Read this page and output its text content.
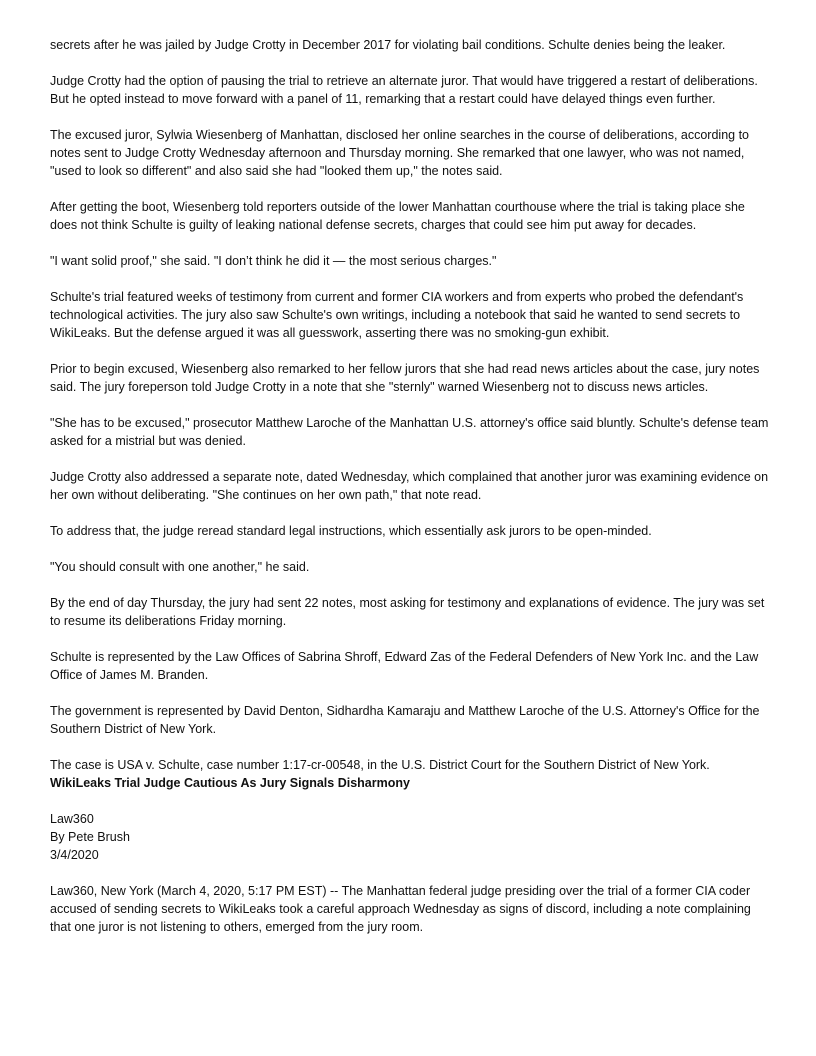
secrets after he was jailed by Judge Crotty in December 2017 for violating bail conditions. Schulte denies being the leaker.

Judge Crotty had the option of pausing the trial to retrieve an alternate juror. That would have triggered a restart of deliberations. But he opted instead to move forward with a panel of 11, remarking that a restart could have delayed things even further.

The excused juror, Sylwia Wiesenberg of Manhattan, disclosed her online searches in the course of deliberations, according to notes sent to Judge Crotty Wednesday afternoon and Thursday morning. She remarked that one lawyer, who was not named, "used to look so different" and also said she had "looked them up," the notes said.

After getting the boot, Wiesenberg told reporters outside of the lower Manhattan courthouse where the trial is taking place she does not think Schulte is guilty of leaking national defense secrets, charges that could see him put away for decades.

"I want solid proof," she said. "I don’t think he did it — the most serious charges."

Schulte's trial featured weeks of testimony from current and former CIA workers and from experts who probed the defendant's technological activities. The jury also saw Schulte's own writings, including a notebook that said he wanted to send secrets to WikiLeaks. But the defense argued it was all guesswork, asserting there was no smoking-gun exhibit.

Prior to begin excused, Wiesenberg also remarked to her fellow jurors that she had read news articles about the case, jury notes said. The jury foreperson told Judge Crotty in a note that she "sternly" warned Wiesenberg not to discuss news articles.

"She has to be excused," prosecutor Matthew Laroche of the Manhattan U.S. attorney's office said bluntly. Schulte's defense team asked for a mistrial but was denied.

Judge Crotty also addressed a separate note, dated Wednesday, which complained that another juror was examining evidence on her own without deliberating. "She continues on her own path," that note read.

To address that, the judge reread standard legal instructions, which essentially ask jurors to be open-minded.

"You should consult with one another," he said.

By the end of day Thursday, the jury had sent 22 notes, most asking for testimony and explanations of evidence. The jury was set to resume its deliberations Friday morning.

Schulte is represented by the Law Offices of Sabrina Shroff, Edward Zas of the Federal Defenders of New York Inc. and the Law Office of James M. Branden.

The government is represented by David Denton, Sidhardha Kamaraju and Matthew Laroche of the U.S. Attorney's Office for the Southern District of New York.

The case is USA v. Schulte, case number 1:17-cr-00548, in the U.S. District Court for the Southern District of New York.

WikiLeaks Trial Judge Cautious As Jury Signals Disharmony

Law360
By Pete Brush
3/4/2020

Law360, New York (March 4, 2020, 5:17 PM EST) -- The Manhattan federal judge presiding over the trial of a former CIA coder accused of sending secrets to WikiLeaks took a careful approach Wednesday as signs of discord, including a note complaining that one juror is not listening to others, emerged from the jury room.
